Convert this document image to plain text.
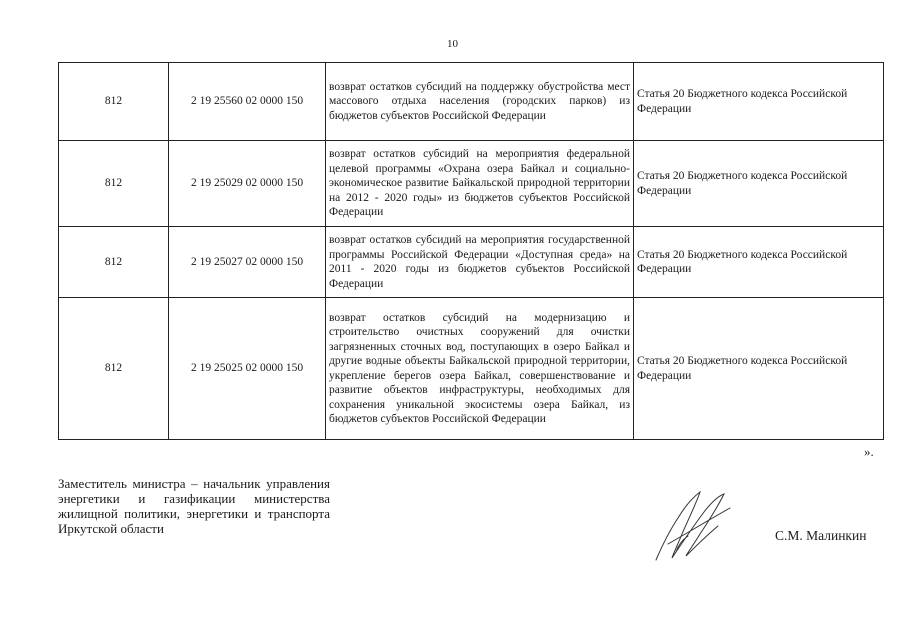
10
812	2 19 25560 02 0000 150	возврат остатков субсидий на поддержку обустройства мест массового отдыха населения (городских парков) из бюджетов субъектов Российской Федерации	Статья 20 Бюджетного кодекса Российской Федерации
812	2 19 25029 02 0000 150	возврат остатков субсидий на мероприятия федеральной целевой программы «Охрана озера Байкал и социально-экономическое развитие Байкальской природной территории на 2012 - 2020 годы» из бюджетов субъектов Российской Федерации	Статья 20 Бюджетного кодекса Российской Федерации
812	2 19 25027 02 0000 150	возврат остатков субсидий на мероприятия государственной программы Российской Федерации «Доступная среда» на 2011 - 2020 годы из бюджетов субъектов Российской Федерации	Статья 20 Бюджетного кодекса Российской Федерации
812	2 19 25025 02 0000 150	возврат остатков субсидий на модернизацию и строительство очистных сооружений для очистки загрязненных сточных вод, поступающих в озеро Байкал и другие водные объекты Байкальской природной территории, укрепление берегов озера Байкал, совершенствование и развитие объектов инфраструктуры, необходимых для сохранения уникальной экосистемы озера Байкал, из бюджетов субъектов Российской Федерации	Статья 20 Бюджетного кодекса Российской Федерации
».
Заместитель министра – начальник управления энергетики и газификации министерства жилищной политики, энергетики и транспорта Иркутской области	С.М. Малинкин
